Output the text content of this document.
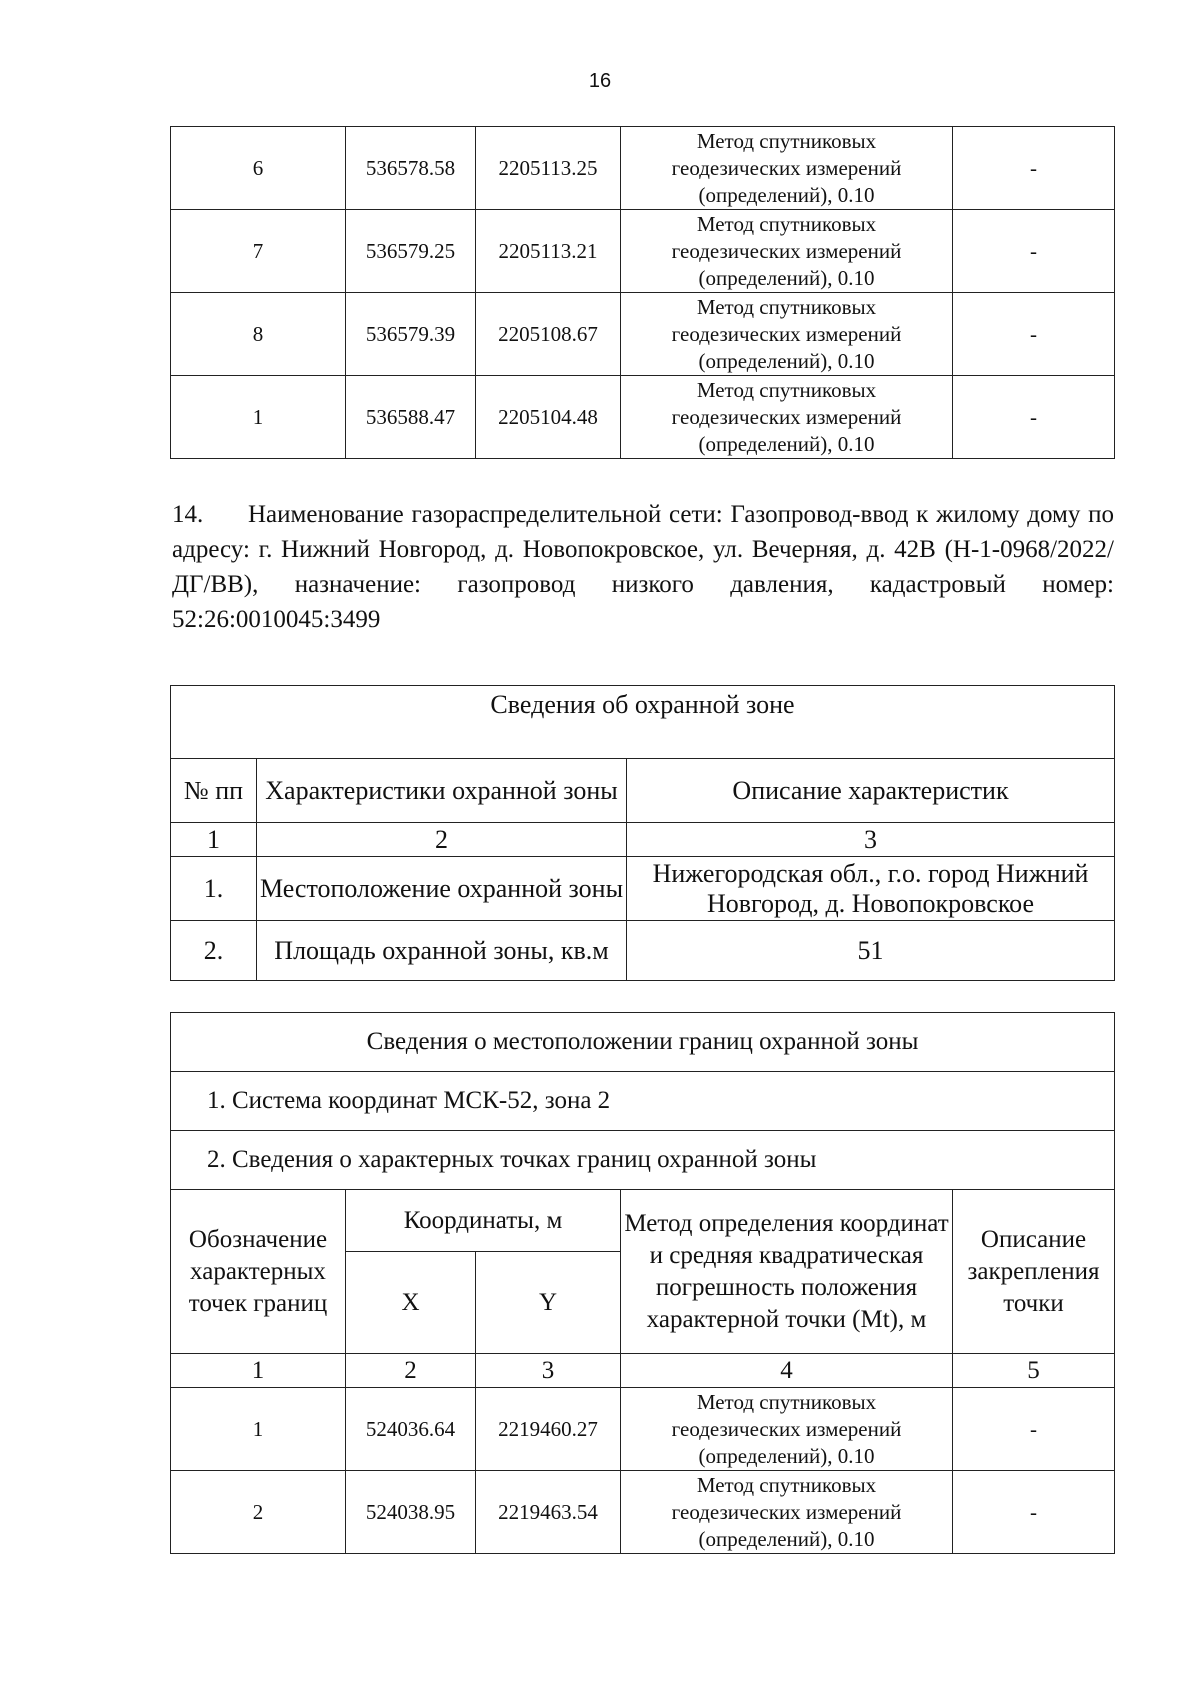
16
6	536578.58	2205113.25	Метод спутниковых
геодезических измерений
(определений), 0.10	-
7	536579.25	2205113.21	Метод спутниковых
геодезических измерений
(определений), 0.10	-
8	536579.39	2205108.67	Метод спутниковых
геодезических измерений
(определений), 0.10	-
1	536588.47	2205104.48	Метод спутниковых
геодезических измерений
(определений), 0.10	-

14. Наименование газораспределительной сети: Газопровод-ввод к жилому дому по адресу: г. Нижний Новгород, д. Новопокровское, ул. Вечерняя, д. 42В (Н-1-0968/2022/ДГ/ВВ), назначение: газопровод низкого давления, кадастровый номер: 52:26:0010045:3499

Сведения об охранной зоне		
№ пп	Характеристики охранной зоны	Описание характеристик
1	2	3
1.	Местоположение охранной зоны	Нижегородская обл., г.о. город Нижний Новгород, д. Новопокровское
2.	Площадь охранной зоны, кв.м	51
Сведения о местоположении границ охранной зоны				
1. Система координат МСК-52, зона 2				
2. Сведения о характерных точках границ охранной зоны				
Обозначение характерных точек границ	Координаты, м		Метод определения координат и средняя квадратическая погрешность положения характерной точки (Mt), м	Описание закрепления точки
	X	Y		
1	2	3	4	5
1	524036.64	2219460.27	Метод спутниковых
геодезических измерений
(определений), 0.10	-
2	524038.95	2219463.54	Метод спутниковых
геодезических измерений
(определений), 0.10	-
